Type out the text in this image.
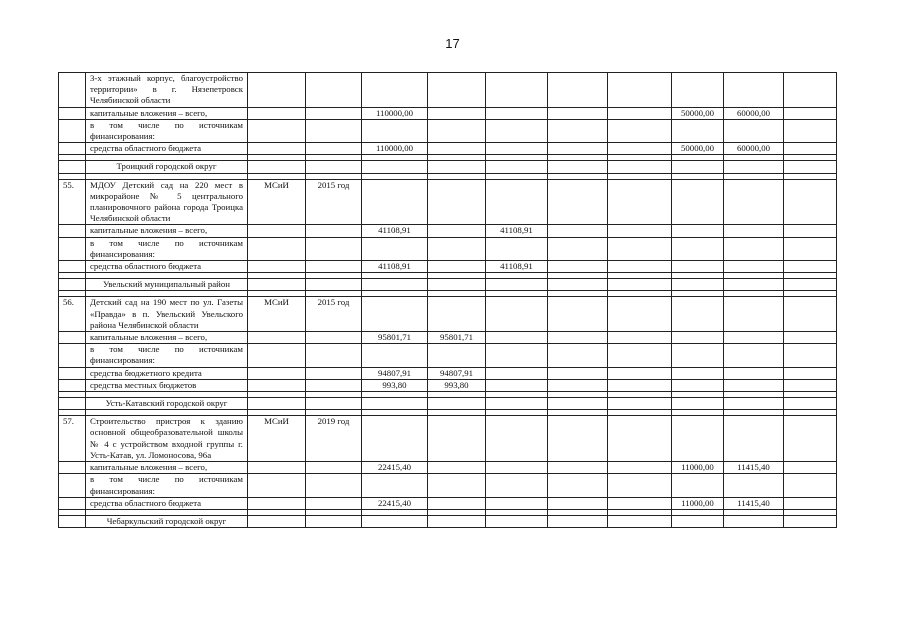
17
	3-х этажный корпус, благоустройство территории» в г. Нязепетровск Челябинской области										
	капитальные вложения – всего,			110000,00					50000,00	60000,00	
	в том числе по источникам финансирования:										
	средства областного бюджета			110000,00					50000,00	60000,00	

	Троицкий городской округ										

55.	МДОУ Детский сад на 220 мест в микрорайоне № 5 центрального планировочного района города Троицка Челябинской области	МСиИ	2015 год								
	капитальные вложения – всего,			41108,91		41108,91					
	в том числе по источникам финансирования:										
	средства областного бюджета			41108,91		41108,91					

	Увельский муниципальный район										

56.	Детский сад на 190 мест по ул. Газеты «Правда» в п. Увельский Увельского района Челябинской области	МСиИ	2015 год								
	капитальные вложения – всего,			95801,71	95801,71						
	в том числе по источникам финансирования:										
	средства бюджетного кредита			94807,91	94807,91						
	средства местных бюджетов			993,80	993,80						

	Усть-Катавский городской округ										

57.	Строительство пристроя к зданию основной общеобразовательной школы № 4 с устройством входной группы г. Усть-Катав, ул. Ломоносова, 96а	МСиИ	2019 год								
	капитальные вложения – всего,			22415,40					11000,00	11415,40	
	в том числе по источникам финансирования:										
	средства областного бюджета			22415,40					11000,00	11415,40	

	Чебаркульский городской округ										
